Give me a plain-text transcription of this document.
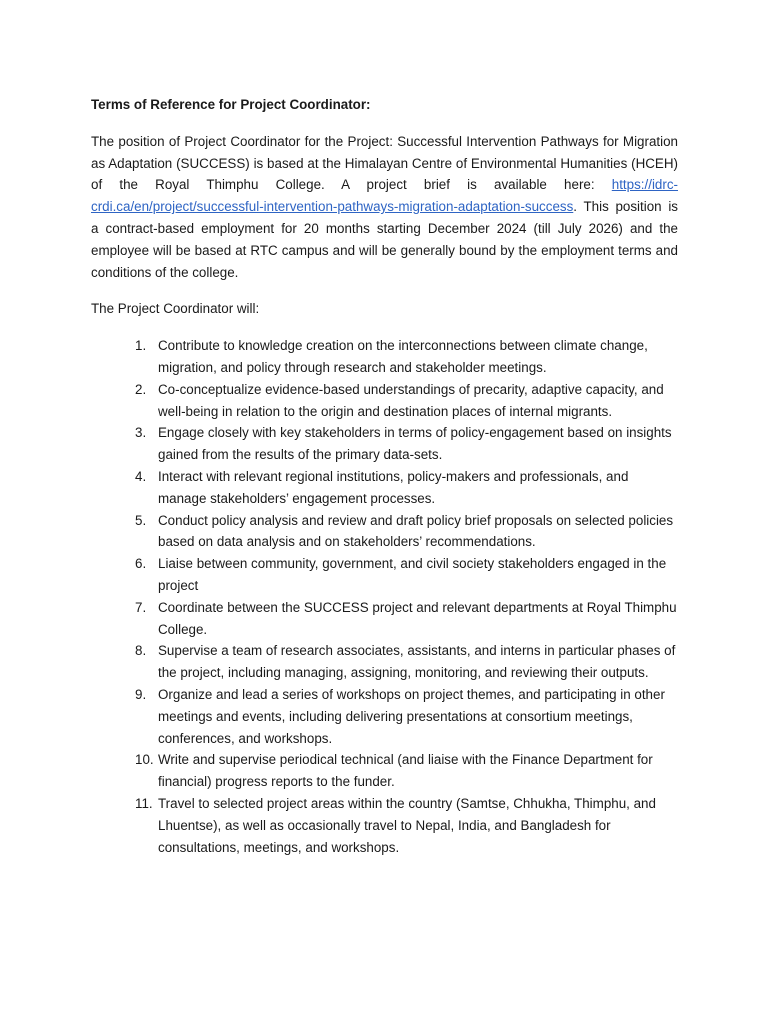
Terms of Reference for Project Coordinator:

The position of Project Coordinator for the Project: Successful Intervention Pathways for Migration as Adaptation (SUCCESS) is based at the Himalayan Centre of Environmental Humanities (HCEH) of the Royal Thimphu College. A project brief is available here: https://idrc-crdi.ca/en/project/successful-intervention-pathways-migration-adaptation-success. This position is a contract-based employment for 20 months starting December 2024 (till July 2026) and the employee will be based at RTC campus and will be generally bound by the employment terms and conditions of the college.

The Project Coordinator will:

1. Contribute to knowledge creation on the interconnections between climate change, migration, and policy through research and stakeholder meetings.
2. Co-conceptualize evidence-based understandings of precarity, adaptive capacity, and well-being in relation to the origin and destination places of internal migrants.
3. Engage closely with key stakeholders in terms of policy-engagement based on insights gained from the results of the primary data-sets.
4. Interact with relevant regional institutions, policy-makers and professionals, and manage stakeholders’ engagement processes.
5. Conduct policy analysis and review and draft policy brief proposals on selected policies based on data analysis and on stakeholders’ recommendations.
6. Liaise between community, government, and civil society stakeholders engaged in the project
7. Coordinate between the SUCCESS project and relevant departments at Royal Thimphu College.
8. Supervise a team of research associates, assistants, and interns in particular phases of the project, including managing, assigning, monitoring, and reviewing their outputs.
9. Organize and lead a series of workshops on project themes, and participating in other meetings and events, including delivering presentations at consortium meetings, conferences, and workshops.
10. Write and supervise periodical technical (and liaise with the Finance Department for financial) progress reports to the funder.
11. Travel to selected project areas within the country (Samtse, Chhukha, Thimphu, and Lhuentse), as well as occasionally travel to Nepal, India, and Bangladesh for consultations, meetings, and workshops.
